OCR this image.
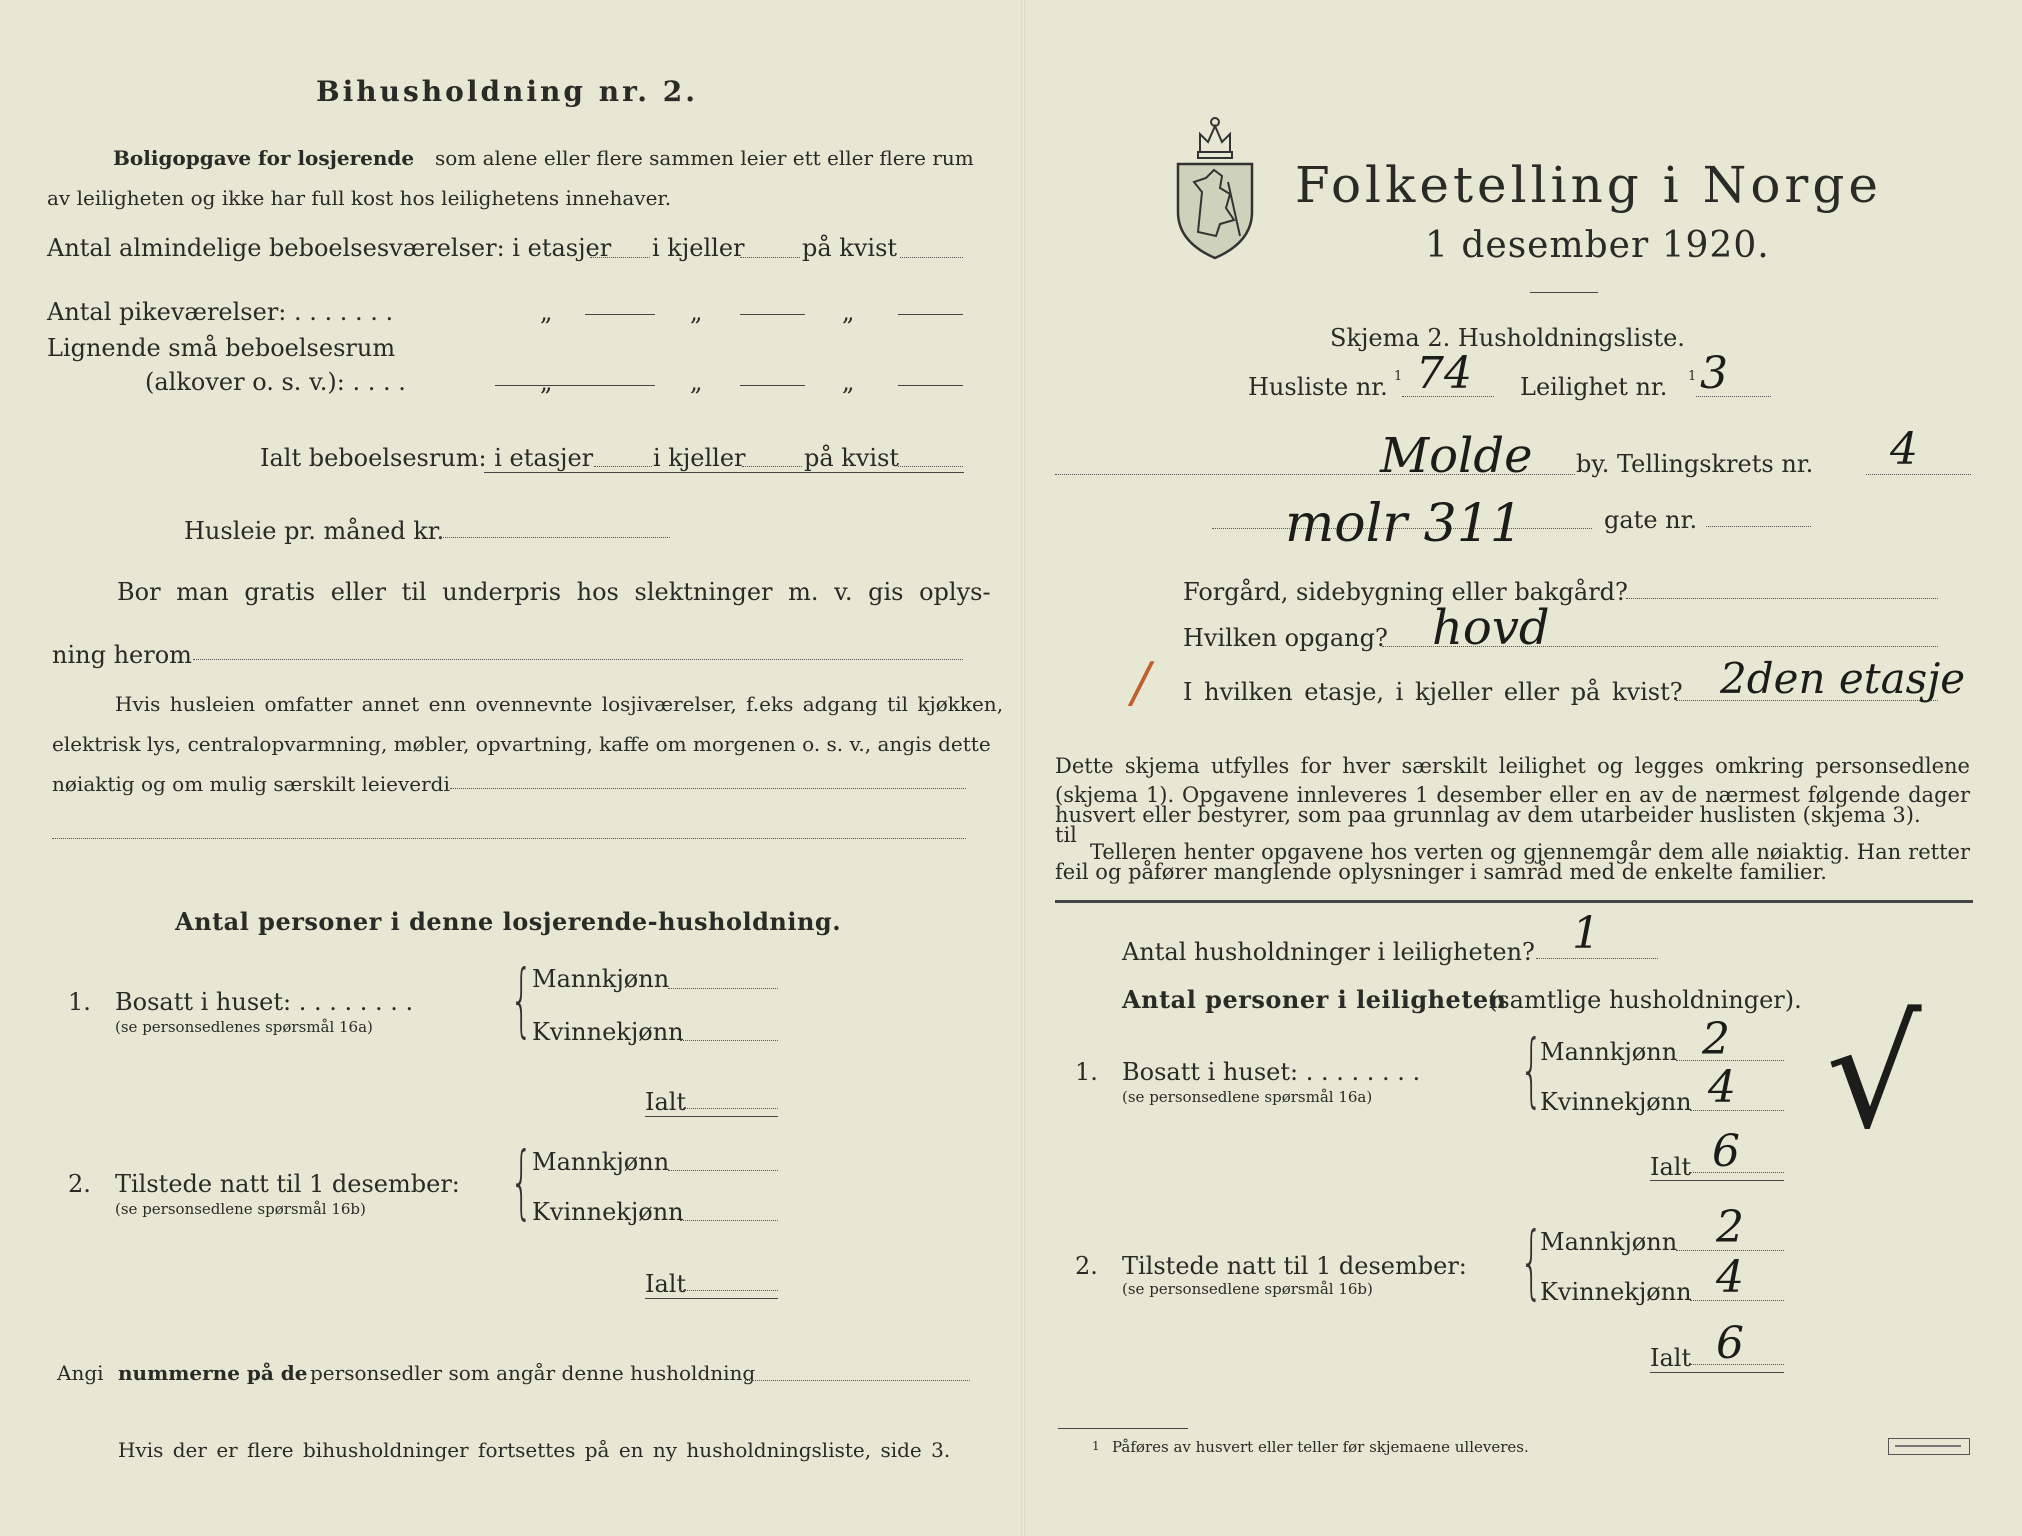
Bihusholdning nr. 2.
Boligopgave for losjerende som alene eller flere sammen leier ett eller flere rum
av leiligheten og ikke har full kost hos leilighetens innehaver.
Antal almindelige beboelsesværelser: i etasjer i kjeller på kvist
Antal pikeværelser: . . . . . . .	„	„	„
Lignende små beboelsesrum
(alkover o. s. v.): . . . .	„	„	„
Ialt beboelsesrum: i etasjer i kjeller på kvist
Husleie pr. måned kr.
Bor man gratis eller til underpris hos slektninger m. v. gis oplys-
ning herom
Hvis husleien omfatter annet enn ovennevnte losjiværelser, f.eks adgang til kjøkken,
elektrisk lys, centralopvarmning, møbler, opvartning, kaffe om morgenen o. s. v., angis dette
nøiaktig og om mulig særskilt leieverdi
Antal personer i denne losjerende-husholdning.
1. Bosatt i huset: . . . . . . . .
(se personsedlenes spørsmål 16a) { Mannkjønn
Kvinnekjønn
Ialt
2. Tilstede natt til 1 desember:
(se personsedlene spørsmål 16b) { Mannkjønn
Kvinnekjønn
Ialt
Angi nummerne på de personsedler som angår denne husholdning
Hvis der er flere bihusholdninger fortsettes på en ny husholdningsliste, side 3.
Folketelling i Norge
1 desember 1920.
Skjema 2. Husholdningsliste.
Husliste nr. 1 74 Leilighet nr. 1 3
Molde by. Tellingskrets nr. 4
molr 311	gate nr.
Forgård, sidebygning eller bakgård?
Hvilken opgang? hovd
/ I hvilken etasje, i kjeller eller på kvist? 2den etasje
Dette skjema utfylles for hver særskilt leilighet og legges omkring personsedlene
(skjema 1). Opgavene innleveres 1 desember eller en av de nærmest følgende dager til
husvert eller bestyrer, som paa grunnlag av dem utarbeider huslisten (skjema 3).
Telleren henter opgavene hos verten og gjennemgår dem alle nøiaktig. Han retter
feil og påfører manglende oplysninger i samråd med de enkelte familier.
Antal husholdninger i leiligheten? 1
Antal personer i leiligheten
(samtlige husholdninger).
1. Bosatt i huset: . . . . . . . .
(se personsedlene spørsmål 16a) {
Mannkjønn 2
Kvinnekjønn 4
Ialt 6 √
2. Tilstede natt til 1 desember:
(se personsedlene spørsmål 16b) {
Mannkjønn 2
Kvinnekjønn 4
Ialt 6
1 Påføres av husvert eller teller før skjemaene ulleveres.
